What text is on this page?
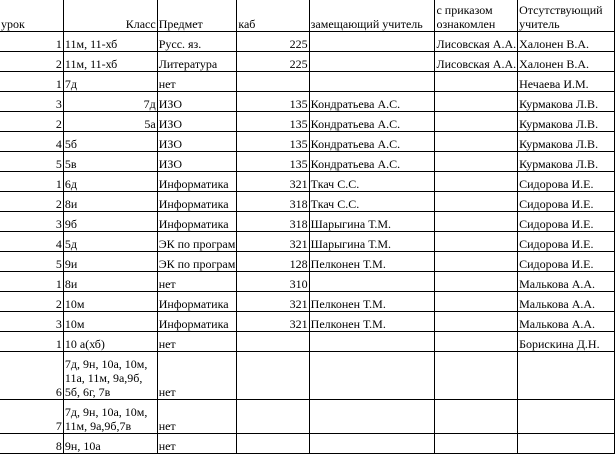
урок	Класс	Предмет	каб	замещающий учитель	с приказом ознакомлен	Отсутствующий учитель
1	11м, 11-хб	Русс. яз.	225		Лисовская А.А.	Халонен В.А.
2	11м, 11-хб	Литература	225		Лисовская А.А.	Халонен В.А.
1	7д	нет				Нечаева И.М.
3	7д	ИЗО	135	Кондратьева А.С.		Курмакова Л.В.
2	5а	ИЗО	135	Кондратьева А.С.		Курмакова Л.В.
4	5б	ИЗО	135	Кондратьева А.С.		Курмакова Л.В.
5	5в	ИЗО	135	Кондратьева А.С.		Курмакова Л.В.
1	6д	Информатика	321	Ткач С.С.		Сидорова И.Е.
2	8и	Информатика	318	Ткач С.С.		Сидорова И.Е.
3	9б	Информатика	318	Шарыгина Т.М.		Сидорова И.Е.
4	5д	ЭК по програм	321	Шарыгина Т.М.		Сидорова И.Е.
5	9и	ЭК по програм	128	Пелконен Т.М.		Сидорова И.Е.
1	8и	нет	310			Малькова А.А.
2	10м	Информатика	321	Пелконен Т.М.		Малькова А.А.
3	10м	Информатика	321	Пелконен Т.М.		Малькова А.А.
1	10 а(хб)	нет				Борискина Д.Н.
6	7д, 9н, 10а, 10м, 11а, 11м, 9а,9б, 5б, 6г, 7в	нет				
7	7д, 9н, 10а, 10м, 11м, 9а,9б,7в	нет				
8	9н, 10а	нет				
